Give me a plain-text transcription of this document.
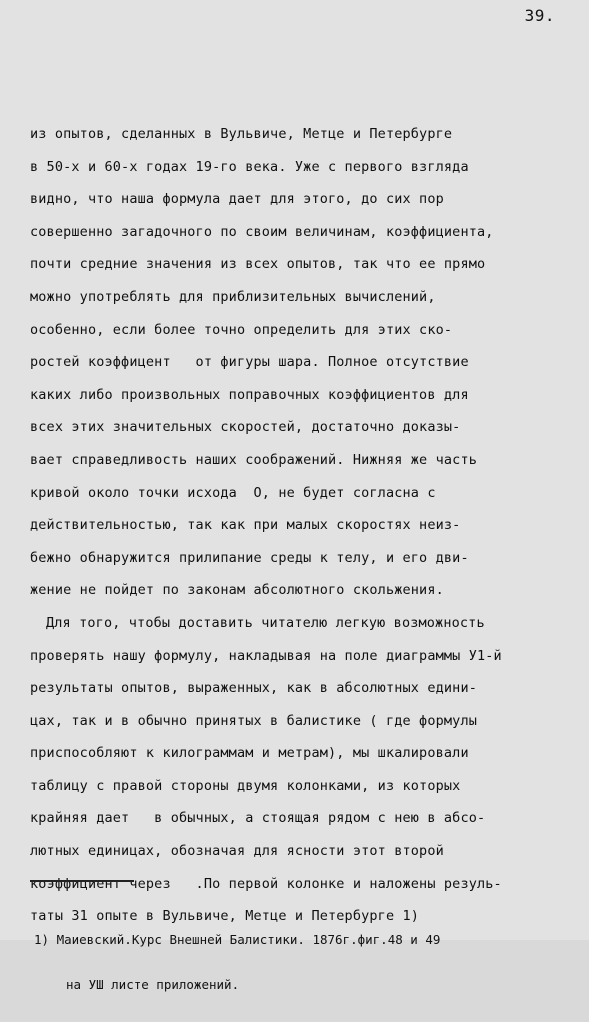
39.
из опытов, сделанных в Вульвиче, Метце и Петербурге
в 50-х и 60-х годах 19-го века. Уже с первого взгляда
видно, что наша формула дает для этого, до сих пор
совершенно загадочного по своим величинам, коэффициента,
почти средние значения из всех опытов, так что ее прямо
можно употреблять для приблизительных вычислений,
особенно, если более точно определить для этих ско-
ростей коэффицент   от фигуры шара. Полное отсутствие
каких либо произвольных поправочных коэффициентов для
всех этих значительных скоростей, достаточно доказы-
вает справедливость наших соображений. Нижняя же часть
кривой около точки исхода  О, не будет согласна с
действительностью, так как при малых скоростях неиз-
бежно обнаружится прилипание среды к телу, и его дви-
жение не пойдет по законам абсолютного скольжения.
Для того, чтобы доставить читателю легкую возможность
проверять нашу формулу, накладывая на поле диаграммы У1-й
результаты опытов, выраженных, как в абсолютных едини-
цах, так и в обычно принятых в балистике ( где формулы
приспособляют к килограммам и метрам), мы шкалировали
таблицу с правой стороны двумя колонками, из которых
крайняя дает   в обычных, а стоящая рядом с нею в абсо-
лютных единицах, обозначая для ясности этот второй
коэффициент через   .По первой колонке и наложены резуль-
таты 31 опыте в Вульвиче, Метце и Петербурге 1)

1) Маиевский.Курс Внешней Балистики. 1876г.фиг.48 и 49

на УШ листе приложений.
